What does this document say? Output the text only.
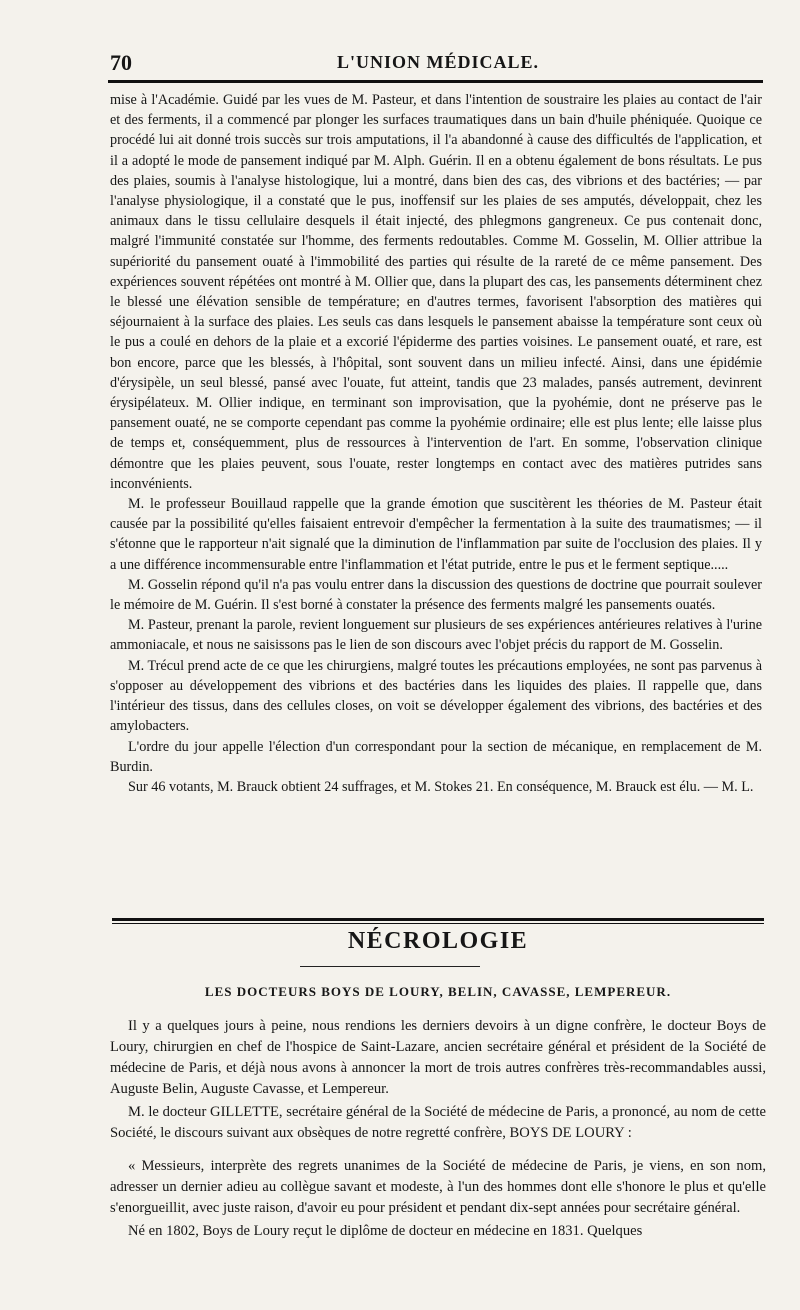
70	L'UNION MÉDICALE.

mise à l'Académie. Guidé par les vues de M. Pasteur, et dans l'intention de soustraire les plaies au contact de l'air et des ferments, il a commencé par plonger les surfaces traumatiques dans un bain d'huile phéniquée. Quoique ce procédé lui ait donné trois succès sur trois amputations, il l'a abandonné à cause des difficultés de l'application, et il a adopté le mode de pansement indiqué par M. Alph. Guérin. Il en a obtenu également de bons résultats. Le pus des plaies, soumis à l'analyse histologique, lui a montré, dans bien des cas, des vibrions et des bactéries; — par l'analyse physiologique, il a constaté que le pus, inoffensif sur les plaies de ses amputés, développait, chez les animaux dans le tissu cellulaire desquels il était injecté, des phlegmons gangreneux. Ce pus contenait donc, malgré l'immunité constatée sur l'homme, des ferments redoutables. Comme M. Gosselin, M. Ollier attribue la supériorité du pansement ouaté à l'immobilité des parties qui résulte de la rareté de ce même pansement. Des expériences souvent répétées ont montré à M. Ollier que, dans la plupart des cas, les pansements déterminent chez le blessé une élévation sensible de température; en d'autres termes, favorisent l'absorption des matières qui séjournaient à la surface des plaies. Les seuls cas dans lesquels le pansement abaisse la température sont ceux où le pus a coulé en dehors de la plaie et a excorié l'épiderme des parties voisines. Le pansement ouaté, et rare, est bon encore, parce que les blessés, à l'hôpital, sont souvent dans un milieu infecté. Ainsi, dans une épidémie d'érysipèle, un seul blessé, pansé avec l'ouate, fut atteint, tandis que 23 malades, pansés autrement, devinrent érysipélateux. M. Ollier indique, en terminant son improvisation, que la pyohémie, dont ne préserve pas le pansement ouaté, ne se comporte cependant pas comme la pyohémie ordinaire; elle est plus lente; elle laisse plus de temps et, conséquemment, plus de ressources à l'intervention de l'art. En somme, l'observation clinique démontre que les plaies peuvent, sous l'ouate, rester longtemps en contact avec des matières putrides sans inconvénients.

M. le professeur Bouillaud rappelle que la grande émotion que suscitèrent les théories de M. Pasteur était causée par la possibilité qu'elles faisaient entrevoir d'empêcher la fermentation à la suite des traumatismes; — il s'étonne que le rapporteur n'ait signalé que la diminution de l'inflammation par suite de l'occlusion des plaies. Il y a une différence incommensurable entre l'inflammation et l'état putride, entre le pus et le ferment septique.....

M. Gosselin répond qu'il n'a pas voulu entrer dans la discussion des questions de doctrine que pourrait soulever le mémoire de M. Guérin. Il s'est borné à constater la présence des ferments malgré les pansements ouatés.

M. Pasteur, prenant la parole, revient longuement sur plusieurs de ses expériences antérieures relatives à l'urine ammoniacale, et nous ne saisissons pas le lien de son discours avec l'objet précis du rapport de M. Gosselin.

M. Trécul prend acte de ce que les chirurgiens, malgré toutes les précautions employées, ne sont pas parvenus à s'opposer au développement des vibrions et des bactéries dans les liquides des plaies. Il rappelle que, dans l'intérieur des tissus, dans des cellules closes, on voit se développer également des vibrions, des bactéries et des amylobacters.

L'ordre du jour appelle l'élection d'un correspondant pour la section de mécanique, en remplacement de M. Burdin.

Sur 46 votants, M. Brauck obtient 24 suffrages, et M. Stokes 21. En conséquence, M. Brauck est élu. — M. L.

NÉCROLOGIE
LES DOCTEURS BOYS DE LOURY, BELIN, CAVASSE, LEMPEREUR.

Il y a quelques jours à peine, nous rendions les derniers devoirs à un digne confrère, le docteur Boys de Loury, chirurgien en chef de l'hospice de Saint-Lazare, ancien secrétaire général et président de la Société de médecine de Paris, et déjà nous avons à annoncer la mort de trois autres confrères très-recommandables aussi, Auguste Belin, Auguste Cavasse, et Lempereur.

M. le docteur GILLETTE, secrétaire général de la Société de médecine de Paris, a prononcé, au nom de cette Société, le discours suivant aux obsèques de notre regretté confrère, BOYS DE LOURY :

« Messieurs, interprète des regrets unanimes de la Société de médecine de Paris, je viens, en son nom, adresser un dernier adieu au collègue savant et modeste, à l'un des hommes dont elle s'honore le plus et qu'elle s'enorgueillit, avec juste raison, d'avoir eu pour président et pendant dix-sept années pour secrétaire général.

Né en 1802, Boys de Loury reçut le diplôme de docteur en médecine en 1831. Quelques
